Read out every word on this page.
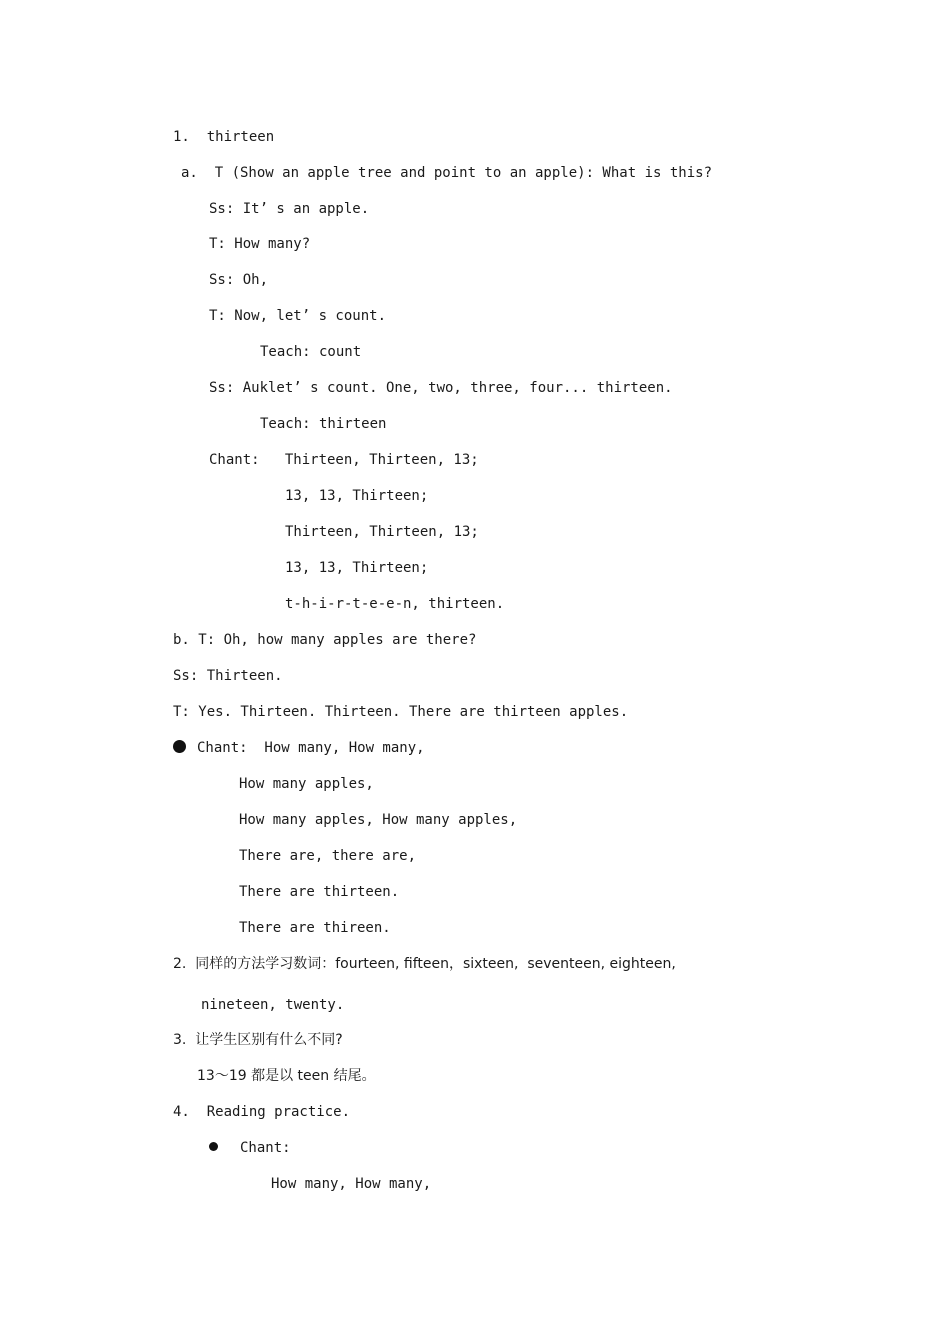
1.  thirteen

a.  T (Show an apple tree and point to an apple): What is this?

Ss: It’ s an apple.

T: How many?

Ss: Oh,

T: Now, let’ s count.

Teach: count

Ss: Auklet’ s count. One, two, three, four... thirteen.

Teach: thirteen

Chant:   Thirteen, Thirteen, 13;

13, 13, Thirteen;

Thirteen, Thirteen, 13;

13, 13, Thirteen;

t-h-i-r-t-e-e-n, thirteen.

b. T: Oh, how many apples are there?

Ss: Thirteen.

T: Yes. Thirteen. Thirteen. There are thirteen apples.

Chant:  How many, How many,

How many apples,

How many apples, How many apples,

There are, there are,

There are thirteen.

There are thireen.

2.  同样的方法学习数词：fourteen, fifteen，sixteen,  seventeen, eighteen,

nineteen, twenty.

3.  让学生区别有什么不同?

13～19 都是以 teen 结尾。

4.  Reading practice.

Chant:

How many, How many,
